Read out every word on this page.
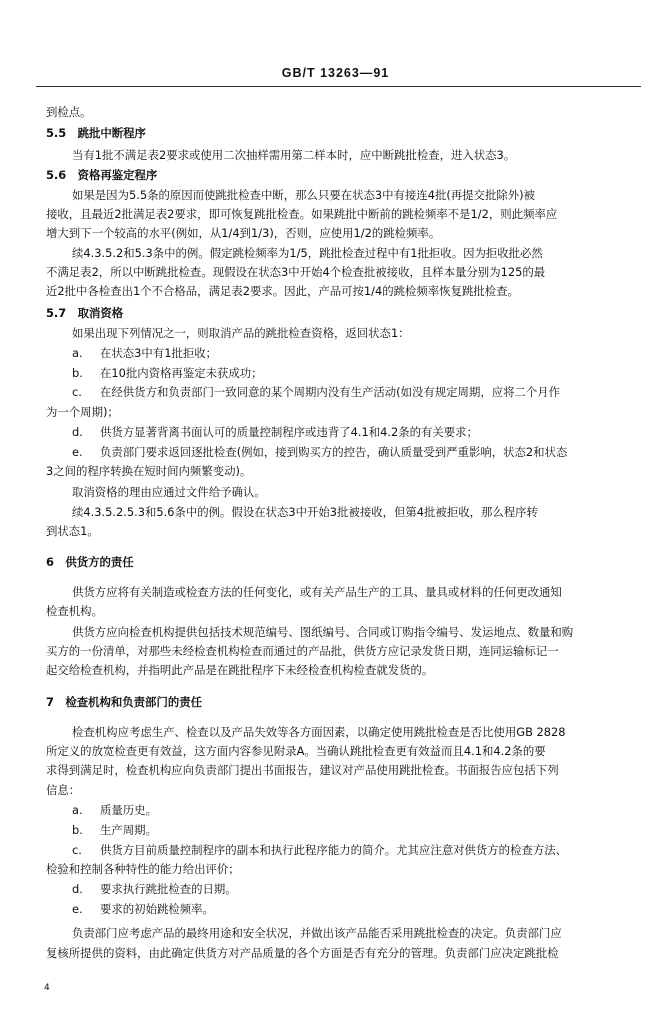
GB/T 13263—91
到检点。
5.5　跳批中断程序
当有1批不满足表2要求或使用二次抽样需用第二样本时，应中断跳批检查，进入状态3。
5.6　资格再鉴定程序
如果是因为5.5条的原因而使跳批检查中断，那么只要在状态3中有接连4批(再提交批除外)被
接收，且最近2批满足表2要求，即可恢复跳批检查。如果跳批中断前的跳检频率不是1/2，则此频率应
增大到下一个较高的水平(例如，从1/4到1/3)，否则，应使用1/2的跳检频率。
续4.3.5.2和5.3条中的例。假定跳检频率为1/5，跳批检查过程中有1批拒收。因为拒收批必然
不满足表2，所以中断跳批检查。现假设在状态3中开始4个检查批被接收，且样本量分别为125的最
近2批中各检查出1个不合格品，满足表2要求。因此，产品可按1/4的跳检频率恢复跳批检查。
5.7　取消资格
如果出现下列情况之一，则取消产品的跳批检查资格，返回状态1：
a. 在状态3中有1批拒收；
b. 在10批内资格再鉴定未获成功；
c. 在经供货方和负责部门一致同意的某个周期内没有生产活动(如没有规定周期，应将二个月作
为一个周期)；
d. 供货方显著背离书面认可的质量控制程序或违背了4.1和4.2条的有关要求；
e. 负责部门要求返回逐批检查(例如，接到购买方的控告，确认质量受到严重影响，状态2和状态
3之间的程序转换在短时间内频繁变动)。
取消资格的理由应通过文件给予确认。
续4.3.5.2.5.3和5.6条中的例。假设在状态3中开始3批被接收，但第4批被拒收，那么程序转
到状态1。
6　供货方的责任
供货方应将有关制造或检查方法的任何变化，或有关产品生产的工具、量具或材料的任何更改通知
检查机构。
供货方应向检查机构提供包括技术规范编号、图纸编号、合同或订购指令编号、发运地点、数量和购
买方的一份清单，对那些未经检查机构检查而通过的产品批，供货方应记录发货日期，连同运输标记一
起交给检查机构，并指明此产品是在跳批程序下未经检查机构检查就发货的。
7　检查机构和负责部门的责任
检查机构应考虑生产、检查以及产品失效等各方面因素，以确定使用跳批检查是否比使用GB 2828
所定义的放宽检查更有效益，这方面内容参见附录A。当确认跳批检查更有效益而且4.1和4.2条的要
求得到满足时，检查机构应向负责部门提出书面报告，建议对产品使用跳批检查。书面报告应包括下列
信息：
a. 质量历史。
b. 生产周期。
c. 供货方目前质量控制程序的副本和执行此程序能力的简介。尤其应注意对供货方的检查方法、
检验和控制各种特性的能力给出评价；
d. 要求执行跳批检查的日期。
e. 要求的初始跳检频率。
负责部门应考虑产品的最终用途和安全状况，并做出该产品能否采用跳批检查的决定。负责部门应
复核所提供的资料，由此确定供货方对产品质量的各个方面是否有充分的管理。负责部门应决定跳批检
4
